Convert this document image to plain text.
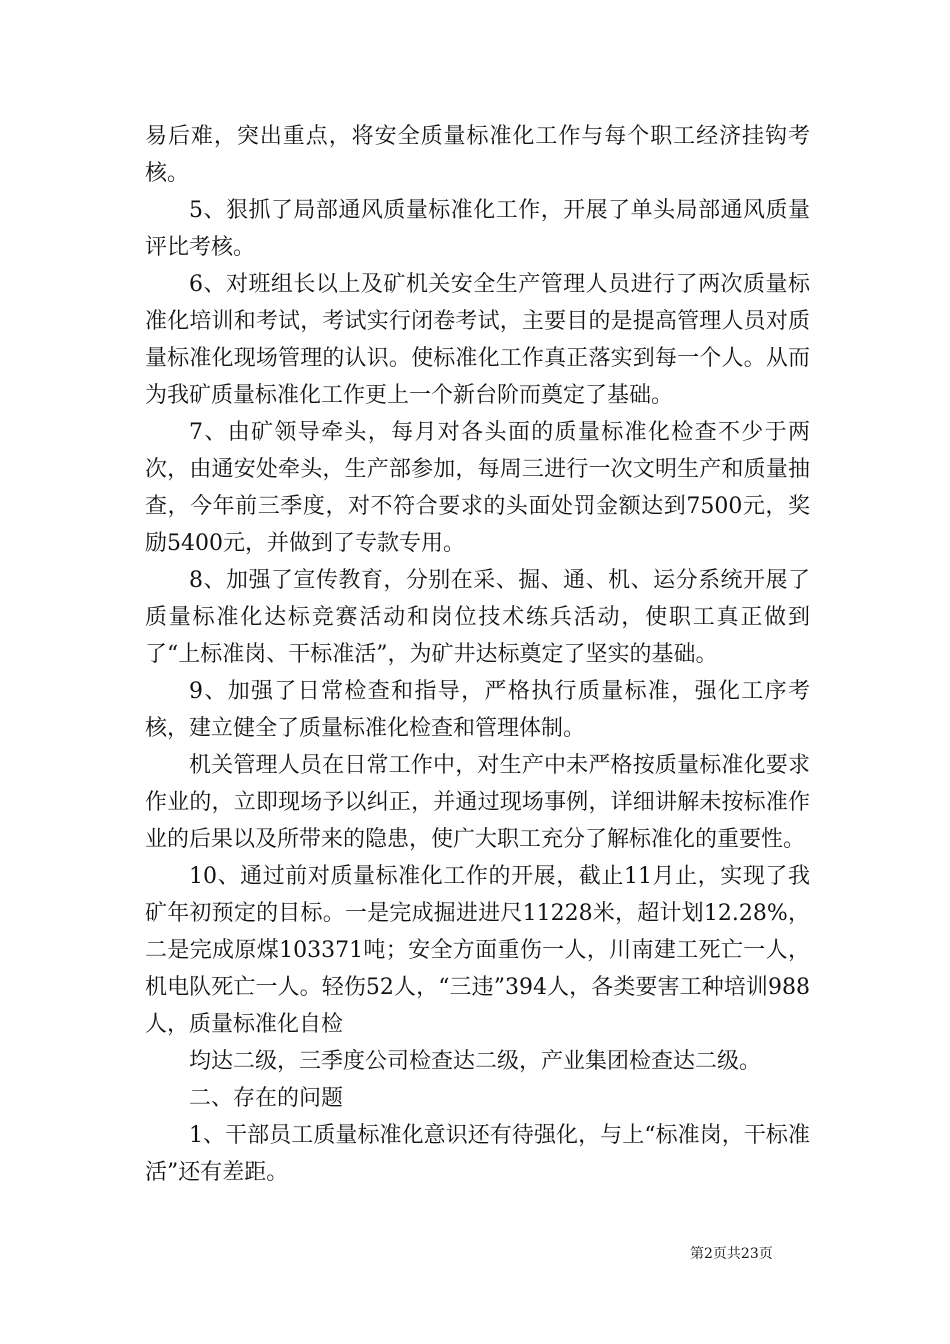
易后难，突出重点，将安全质量标准化工作与每个职工经济挂钩考核。

5、狠抓了局部通风质量标准化工作，开展了单头局部通风质量评比考核。

6、对班组长以上及矿机关安全生产管理人员进行了两次质量标准化培训和考试，考试实行闭卷考试，主要目的是提高管理人员对质量标准化现场管理的认识。使标准化工作真正落实到每一个人。从而为我矿质量标准化工作更上一个新台阶而奠定了基础。

7、由矿领导牵头，每月对各头面的质量标准化检查不少于两次，由通安处牵头，生产部参加，每周三进行一次文明生产和质量抽查，今年前三季度，对不符合要求的头面处罚金额达到7500元，奖励5400元，并做到了专款专用。

8、加强了宣传教育，分别在采、掘、通、机、运分系统开展了质量标准化达标竞赛活动和岗位技术练兵活动，使职工真正做到了“上标准岗、干标准活”，为矿井达标奠定了坚实的基础。

9、加强了日常检查和指导，严格执行质量标准，强化工序考核，建立健全了质量标准化检查和管理体制。

机关管理人员在日常工作中，对生产中未严格按质量标准化要求作业的，立即现场予以纠正，并通过现场事例，详细讲解未按标准作业的后果以及所带来的隐患，使广大职工充分了解标准化的重要性。

10、通过前对质量标准化工作的开展，截止11月止，实现了我矿年初预定的目标。一是完成掘进进尺11228米，超计划12.28%，二是完成原煤103371吨；安全方面重伤一人，川南建工死亡一人，机电队死亡一人。轻伤52人，“三违”394人，各类要害工种培训988人，质量标准化自检

均达二级，三季度公司检查达二级，产业集团检查达二级。

二、存在的问题

1、干部员工质量标准化意识还有待强化，与上“标准岗，干标准活”还有差距。

第2页共23页
